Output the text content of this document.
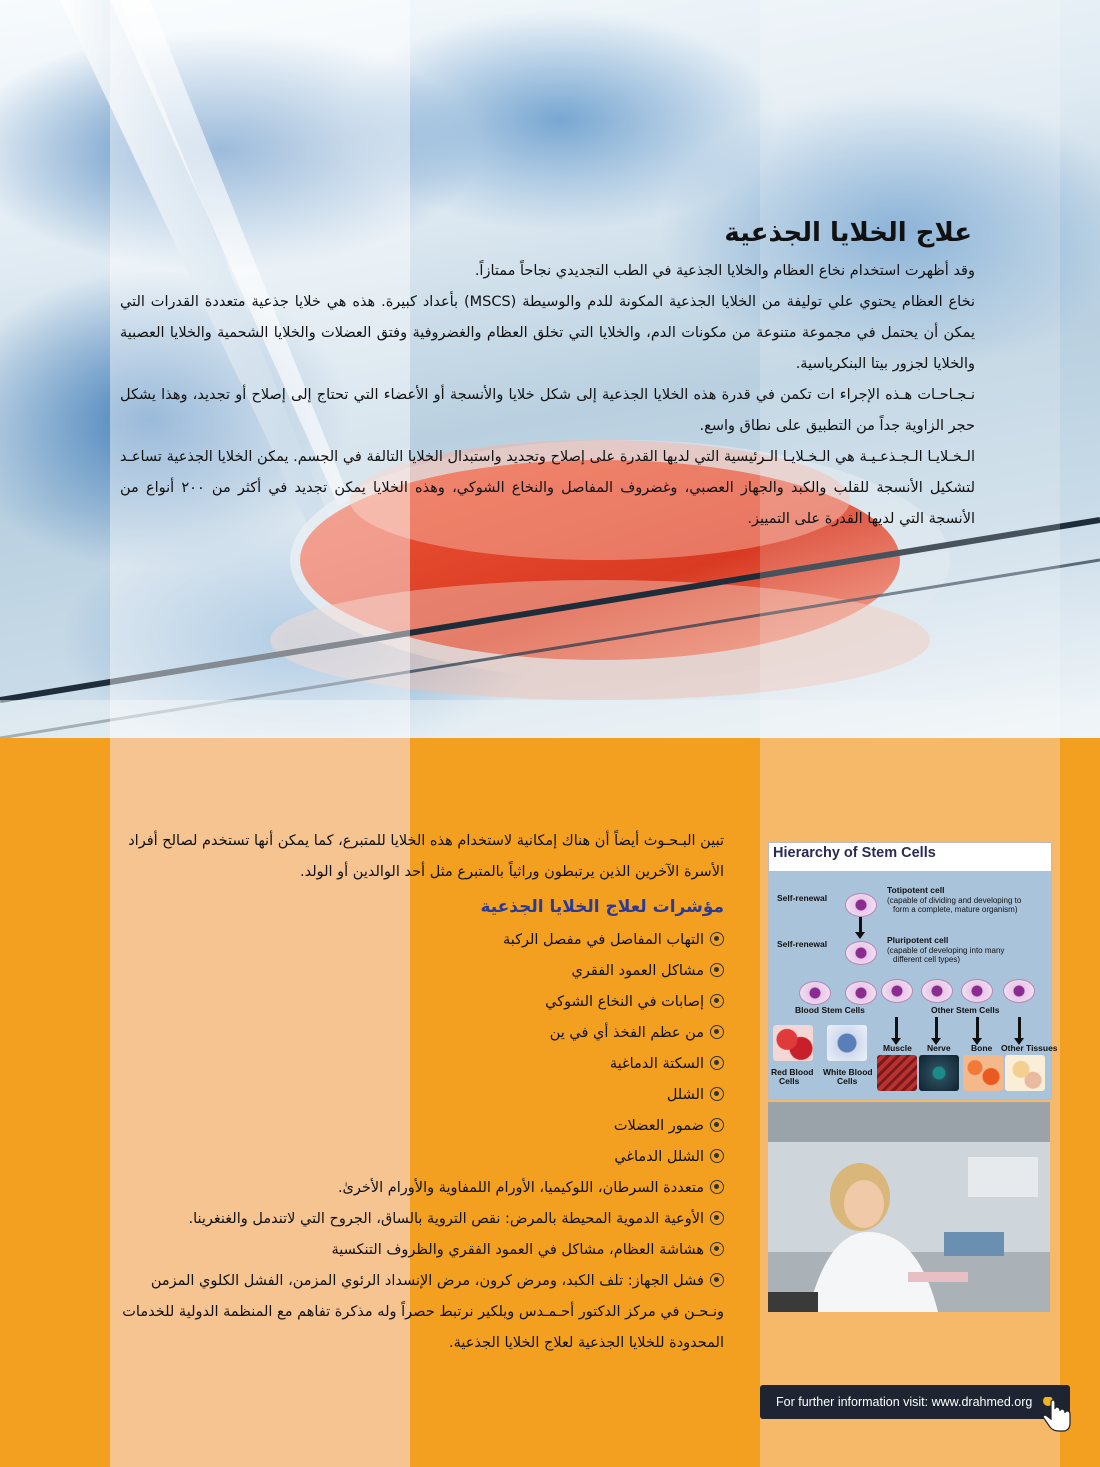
علاج الخلايا الجذعية

وقد أظهرت استخدام نخاع العظام والخلايا الجذعية في الطب التجديدي نجاحاً ممتازاً.

نخاع العظام يحتوي علي توليفة من الخلايا الجذعية المكونة للدم والوسيطة (MSCS) بأعداد كبيرة. هذه هي خلايا جذعية متعددة القدرات التي يمكن أن يحتمل في مجموعة متنوعة من مكونات الدم، والخلايا التي تخلق العظام والغضروفية وفتق العضلات والخلايا الشحمية والخلايا العصبية والخلايا لجزور بيتا البنكرياسية.

نـجـاحـات هـذه الإجراء ات تكمن في قدرة هذه الخلايا الجذعية إلى شكل خلايا والأنسجة أو الأعضاء التي تحتاج إلى إصلاح أو تجديد، وهذا يشكل حجر الزاوية جداً من التطبيق على نطاق واسع.

الـخـلايـا الـجـذعـيـة هي الـخـلايـا الـرئيسية التي لديها القدرة على إصلاح وتجديد واستبدال الخلايا التالفة في الجسم. يمكن الخلايا الجذعية تساعـد لتشكيل الأنسجة للقلب والكبد والجهاز العصبي، وغضروف المفاصل والنخاع الشوكي، وهذه الخلايا يمكن تجديد في أكثر من ٢٠٠ أنواع من الأنسجة التي لديها القدرة على التمييز.

تبين البـحـوث أيضاً أن هناك إمكانية لاستخدام هذه الخلايا للمتبرع، كما يمكن أنها تستخدم لصالح أفراد الأسرة الآخرين الذين يرتبطون وراثياً بالمتبرع مثل أحد الوالدين أو الولد.

مؤشرات لعلاج الخلايا الجذعية
التهاب المفاصل في مفصل الركبة
مشاكل العمود الفقري
إصابات في النخاع الشوكي
من عظم الفخذ أي في ين
السكتة الدماغية
الشلل
ضمور العضلات
الشلل الدماغي
متعددة السرطان، اللوكيميا، الأورام اللمفاوية والأورام الأخرىٰ.
الأوعية الدموية المحيطة بالمرض: نقص التروية بالساق، الجروح التي لاتندمل والغنغرينا.
هشاشة العظام، مشاكل في العمود الفقري والظروف التنكسية
فشل الجهاز: تلف الكبد، ومرض كرون، مرض الإنسداد الرئوي المزمن، الفشل الكلوي المزمن

ونـحـن في مركز الدكتور أحـمـدس ويلكير نرتبط حصراً وله مذكرة تفاهم مع المنظمة الدولية للخدمات المحدودة للخلايا الجذعية لعلاج الخلايا الجذعية.

Hierarchy of Stem Cells
Self-renewal
Totipotent cell
(capable of dividing and developing to
form a complete, mature organism)
Self-renewal	Pluripotent cell
(capable of developing into many
different cell types)
Blood Stem Cells	Other Stem Cells
Muscle Nerve Bone Other Tissues
Red Blood
Cells
White Blood
Cells
For further information visit: www.drahmed.org
